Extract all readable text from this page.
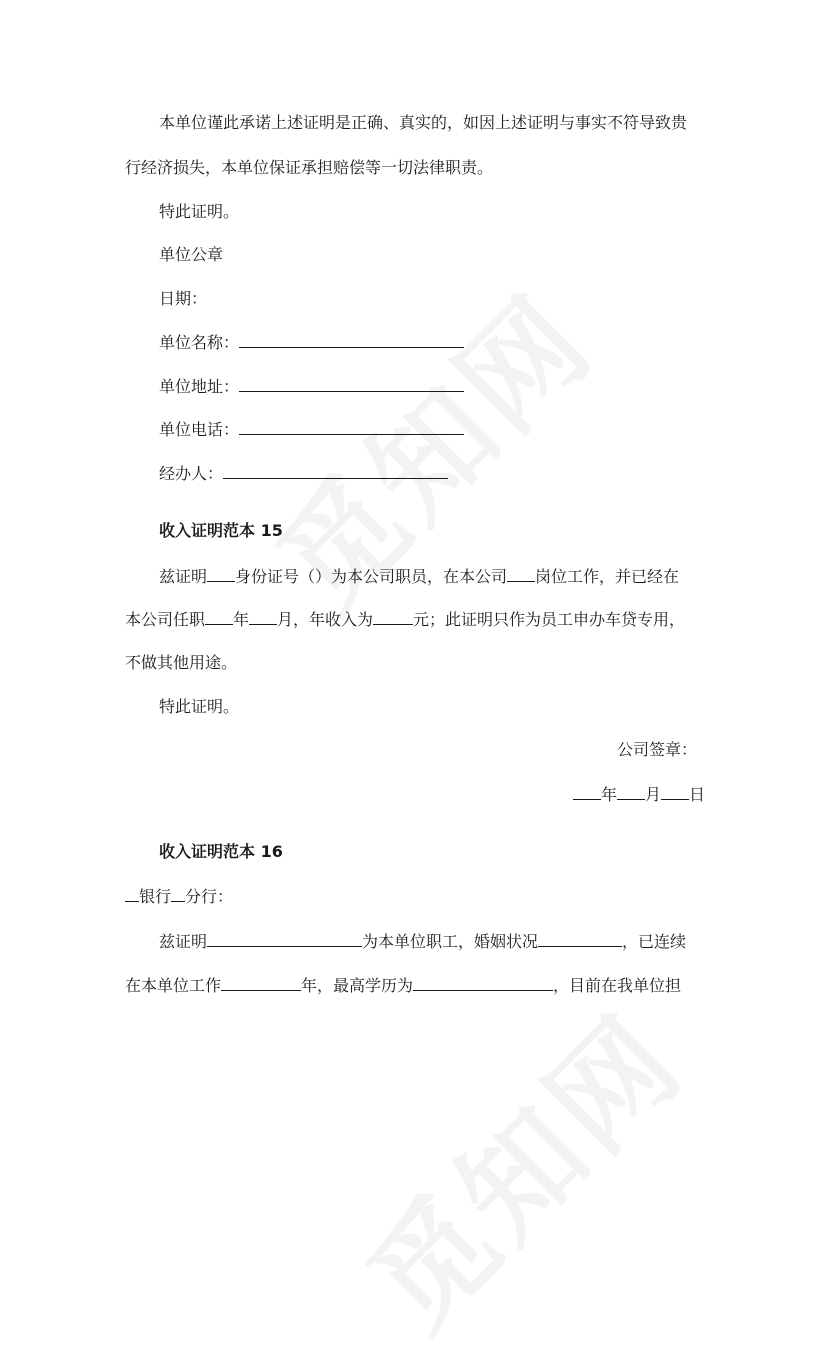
本单位谨此承诺上述证明是正确、真实的，如因上述证明与事实不符导致贵
行经济损失，本单位保证承担赔偿等一切法律职责。
特此证明。
单位公章
日期：
单位名称：
单位地址：
单位电话：
经办人：
收入证明范本 15
兹证明 身份证号（）为本公司职员，在本公司 岗位工作，并已经在
本公司任职 年 月，年收入为	元；此证明只作为员工申办车贷专用，
不做其他用途。
特此证明。
公司签章：
年 月 日
收入证明范本 16
银行 分行：
兹证明	为本单位职工，婚姻状况	，已连续
在本单位工作	年，最高学历为	，目前在我单位担
